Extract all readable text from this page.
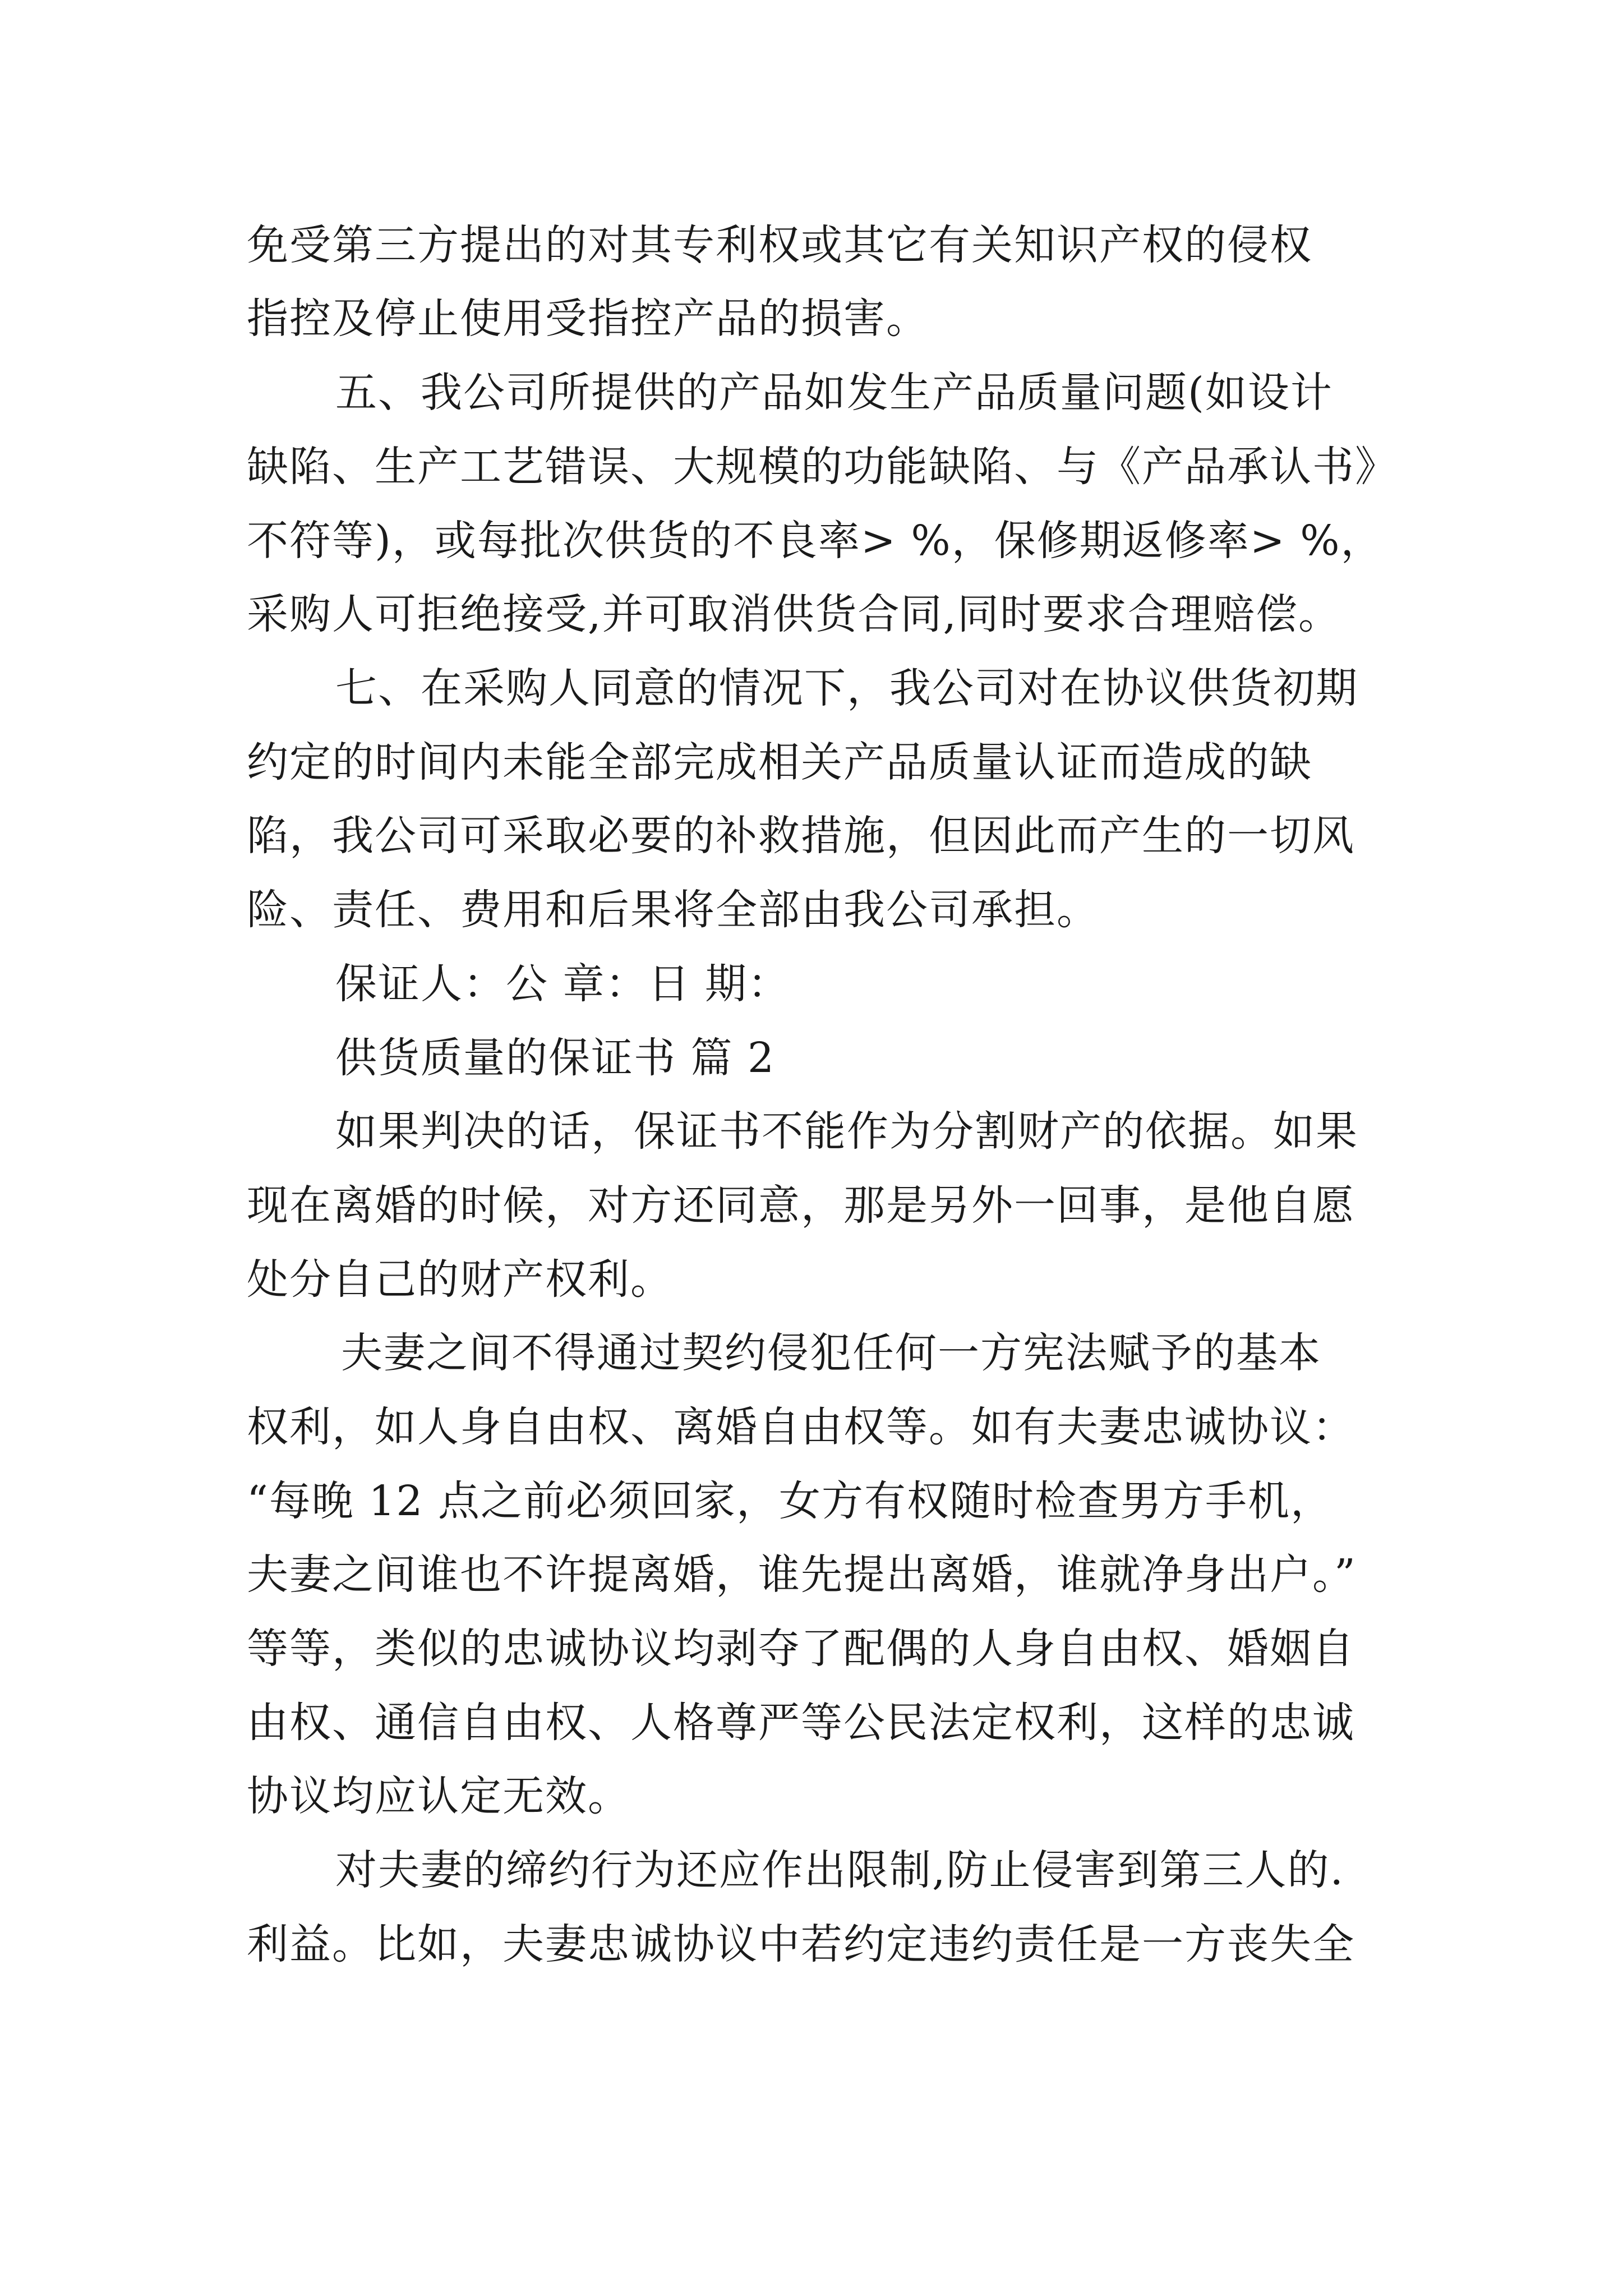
免受第三方提出的对其专利权或其它有关知识产权的侵权
指控及停止使用受指控产品的损害。
五、我公司所提供的产品如发生产品质量问题(如设计
缺陷、生产工艺错误、大规模的功能缺陷、与《产品承认书》
不符等)，或每批次供货的不良率> %，保修期返修率> %，
采购人可拒绝接受,并可取消供货合同,同时要求合理赔偿。
七、在采购人同意的情况下，我公司对在协议供货初期
约定的时间内未能全部完成相关产品质量认证而造成的缺
陷，我公司可采取必要的补救措施，但因此而产生的一切风
险、责任、费用和后果将全部由我公司承担。
保证人：公 章：日 期：
供货质量的保证书 篇 2
如果判决的话，保证书不能作为分割财产的依据。如果
现在离婚的时候，对方还同意，那是另外一回事，是他自愿
处分自己的财产权利。
夫妻之间不得通过契约侵犯任何一方宪法赋予的基本
权利，如人身自由权、离婚自由权等。如有夫妻忠诚协议：
“每晚 12 点之前必须回家，女方有权随时检查男方手机，
夫妻之间谁也不许提离婚，谁先提出离婚，谁就净身出户。”
等等，类似的忠诚协议均剥夺了配偶的人身自由权、婚姻自
由权、通信自由权、人格尊严等公民法定权利，这样的忠诚
协议均应认定无效。
对夫妻的缔约行为还应作出限制,防止侵害到第三人的.
利益。比如，夫妻忠诚协议中若约定违约责任是一方丧失全
